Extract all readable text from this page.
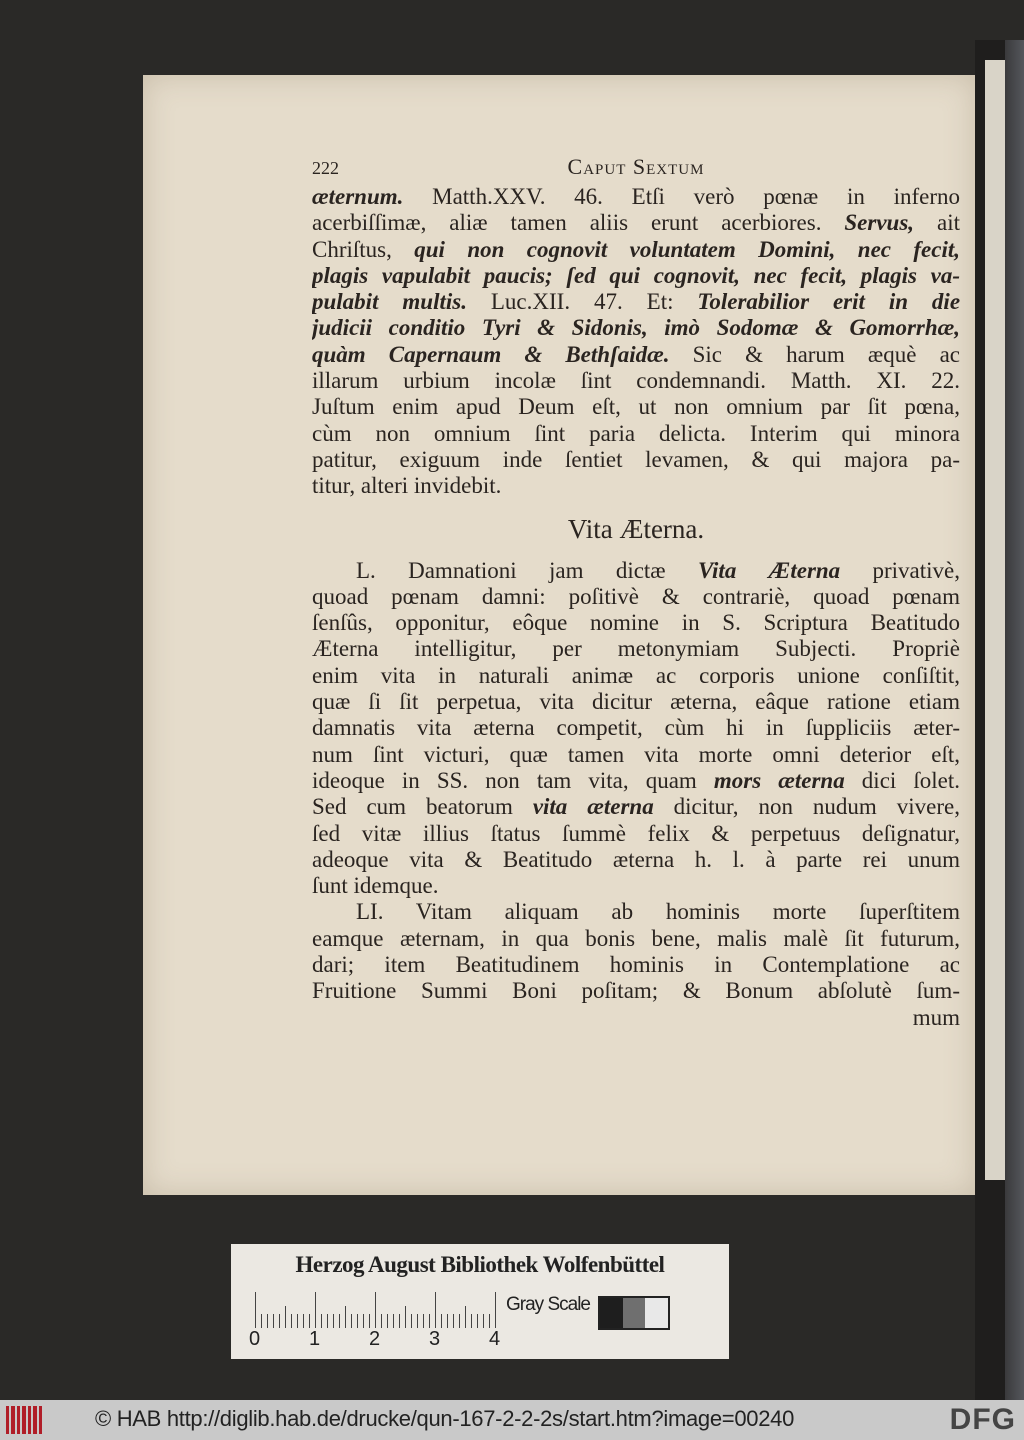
222	Caput Sextum
æternum. Matth.XXV. 46. Etſi verò pœnæ in inferno
acerbiſſimæ, aliæ tamen aliis erunt acerbiores. Servus, ait
Chriſtus, qui non cognovit voluntatem Domini, nec fecit,
plagis vapulabit paucis; ſed qui cognovit, nec fecit, plagis va-
pulabit multis. Luc.XII. 47. Et: Tolerabilior erit in die
judicii conditio Tyri & Sidonis, imò Sodomæ & Gomorrhæ,
quàm Capernaum & Bethſaidæ. Sic & harum æquè ac
illarum urbium incolæ ſint condemnandi. Matth. XI. 22.
Juſtum enim apud Deum eſt, ut non omnium par ſit pœna,
cùm non omnium ſint paria delicta. Interim qui minora
patitur, exiguum inde ſentiet levamen, & qui majora pa-
titur, alteri invidebit.
Vita Æterna.
L. Damnationi jam dictæ Vita Æterna privativè,
quoad pœnam damni: poſitivè & contrariè, quoad pœnam
ſenſûs, opponitur, eôque nomine in S. Scriptura Beatitudo
Æterna intelligitur, per metonymiam Subjecti. Propriè
enim vita in naturali animæ ac corporis unione conſiſtit,
quæ ſi ſit perpetua, vita dicitur æterna, eâque ratione etiam
damnatis vita æterna competit, cùm hi in ſuppliciis æter-
num ſint victuri, quæ tamen vita morte omni deterior eſt,
ideoque in SS. non tam vita, quam mors æterna dici ſolet.
Sed cum beatorum vita æterna dicitur, non nudum vivere,
ſed vitæ illius ſtatus ſummè felix & perpetuus deſignatur,
adeoque vita & Beatitudo æterna h. l. à parte rei unum
ſunt idemque.
LI. Vitam aliquam ab hominis morte ſuperſtitem
eamque æternam, in qua bonis bene, malis malè ſit futurum,
dari; item Beatitudinem hominis in Contemplatione ac
Fruitione Summi Boni poſitam; & Bonum abſolutè ſum-
mum
Herzog August Bibliothek Wolfenbüttel
0 1 2 3 4
Gray Scale
© HAB http://diglib.hab.de/drucke/qun-167-2-2-2s/start.htm?image=00240	DFG
